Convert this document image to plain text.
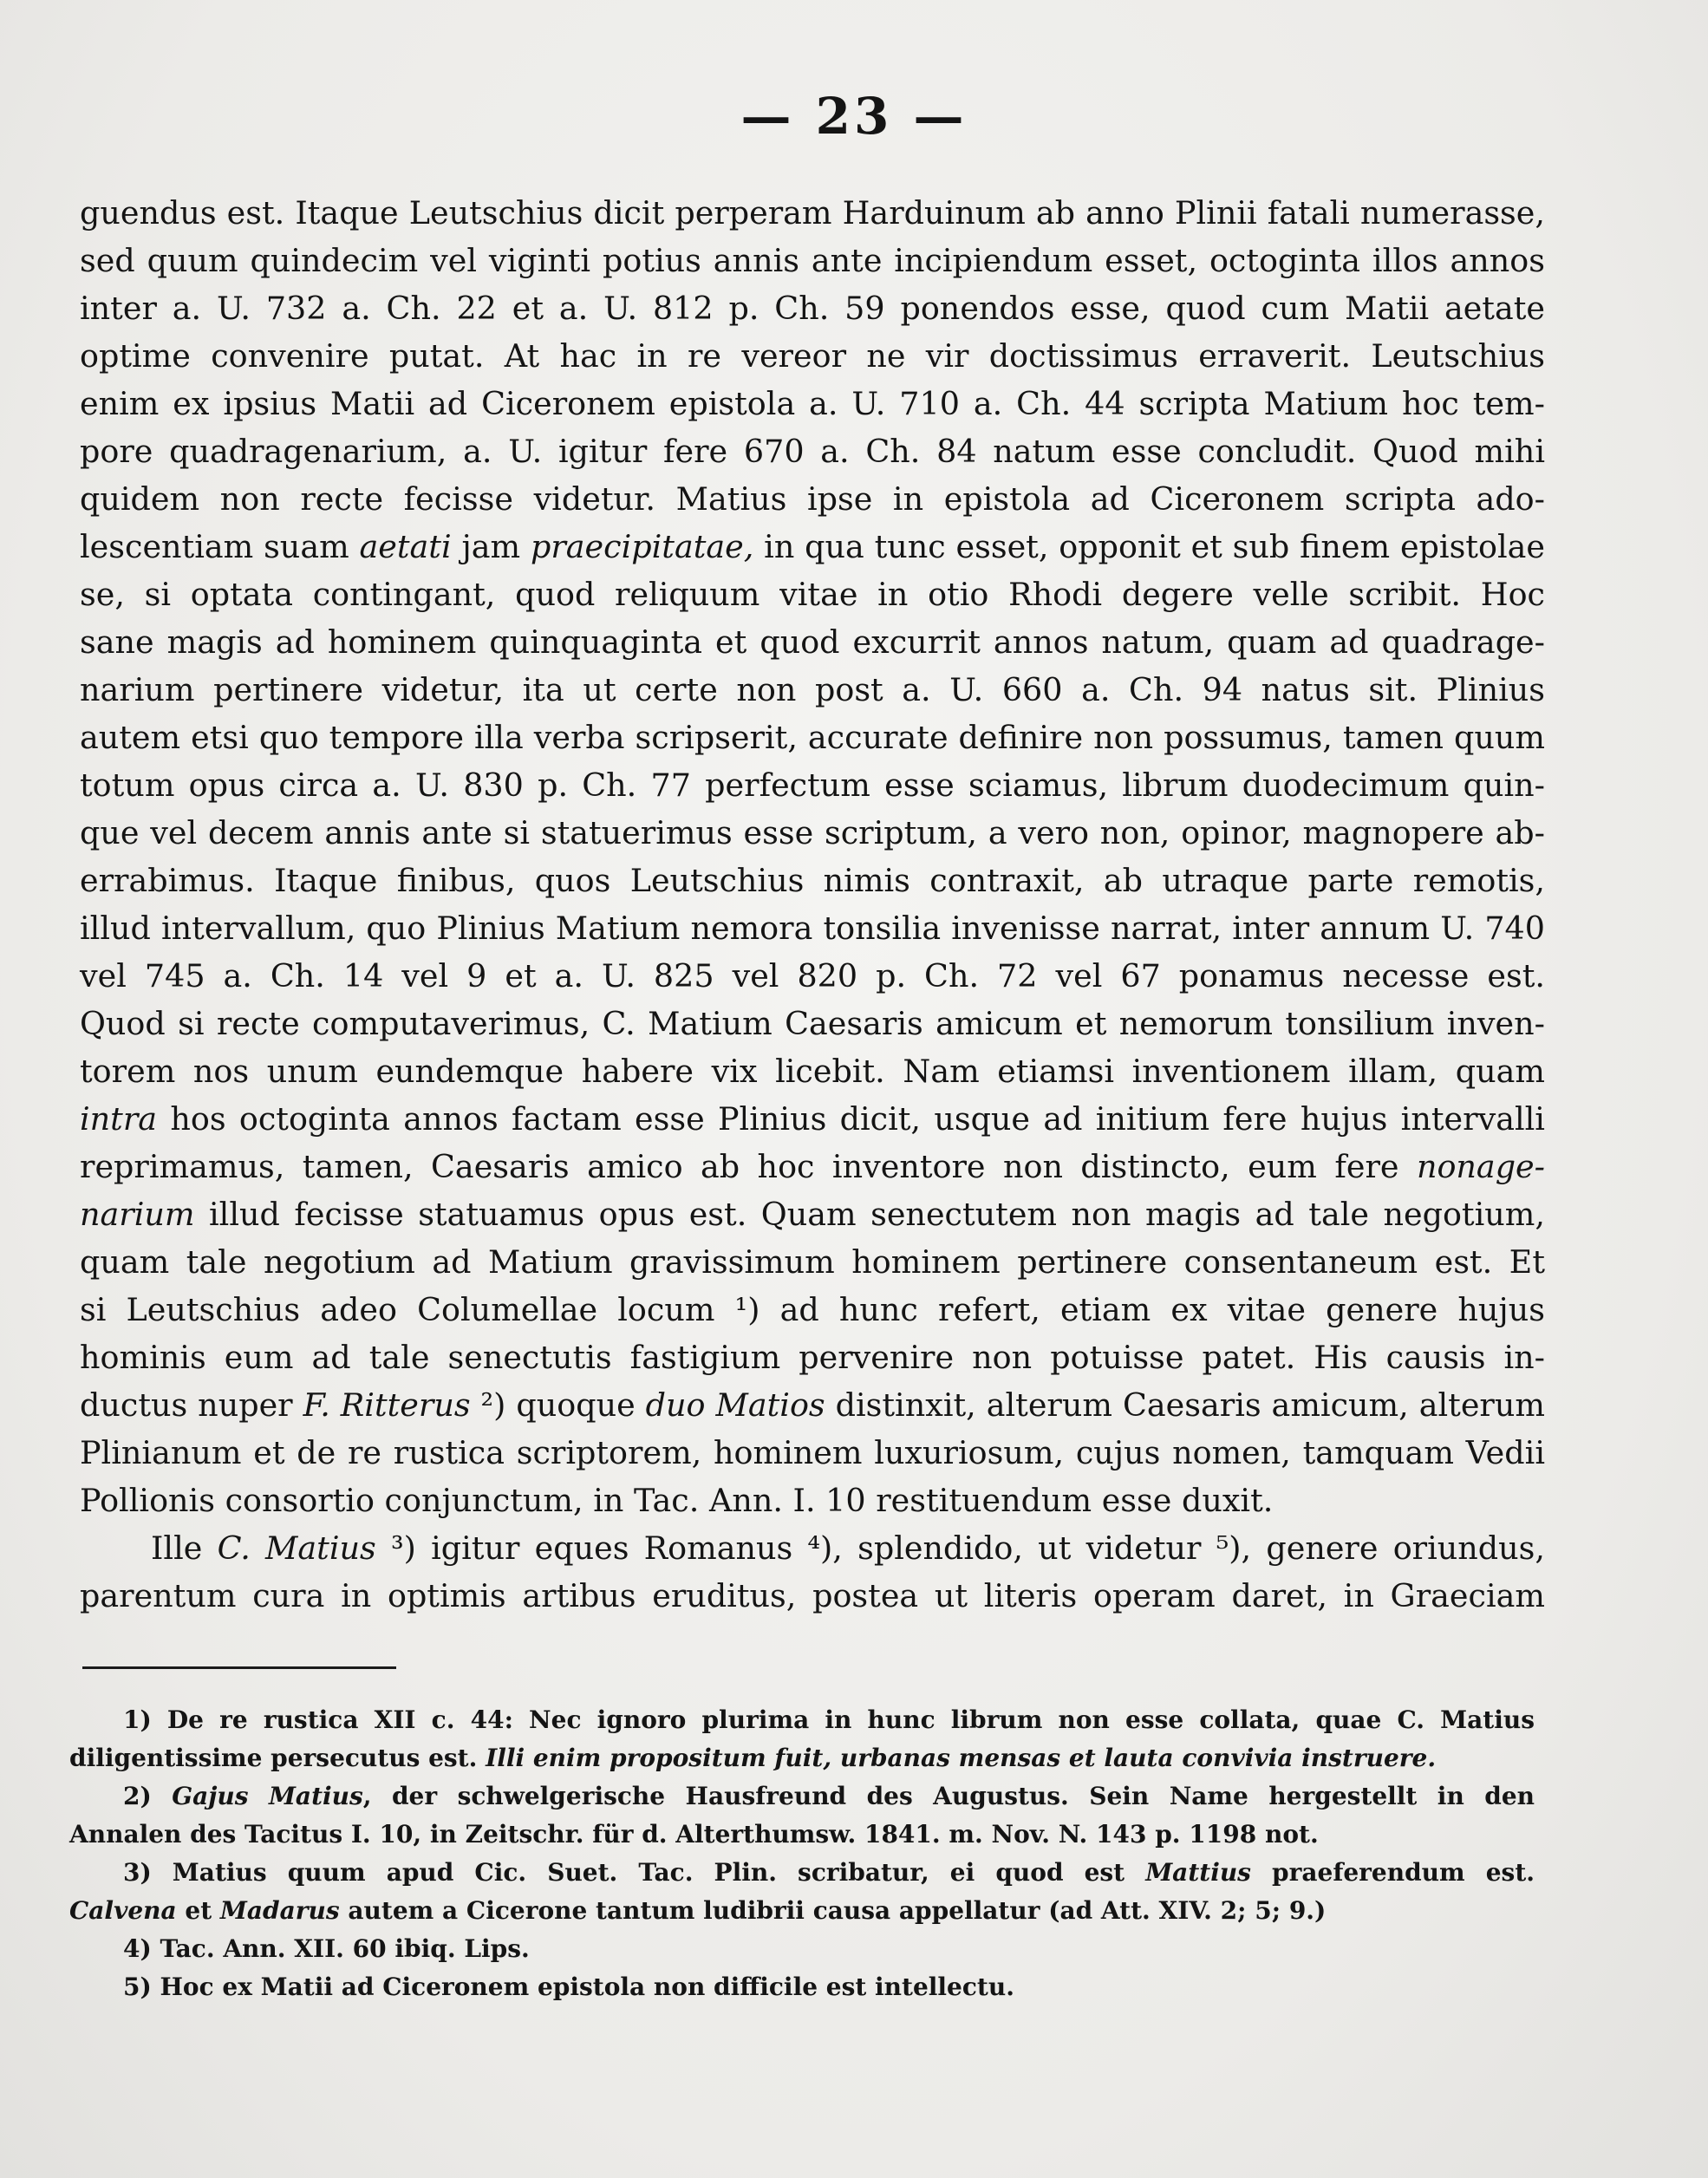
— 23 —
guendus est. Itaque Leutschius dicit perperam Harduinum ab anno Plinii fatali numerasse,
sed quum quindecim vel viginti potius annis ante incipiendum esset, octoginta illos annos
inter a. U. 732 a. Ch. 22 et a. U. 812 p. Ch. 59 ponendos esse, quod cum Matii aetate
optime convenire putat. At hac in re vereor ne vir doctissimus erraverit. Leutschius
enim ex ipsius Matii ad Ciceronem epistola a. U. 710 a. Ch. 44 scripta Matium hoc tem-
pore quadragenarium, a. U. igitur fere 670 a. Ch. 84 natum esse concludit. Quod mihi
quidem non recte fecisse videtur. Matius ipse in epistola ad Ciceronem scripta ado-
lescentiam suam aetati jam praecipitatae, in qua tunc esset, opponit et sub finem epistolae
se, si optata contingant, quod reliquum vitae in otio Rhodi degere velle scribit. Hoc
sane magis ad hominem quinquaginta et quod excurrit annos natum, quam ad quadrage-
narium pertinere videtur, ita ut certe non post a. U. 660 a. Ch. 94 natus sit. Plinius
autem etsi quo tempore illa verba scripserit, accurate definire non possumus, tamen quum
totum opus circa a. U. 830 p. Ch. 77 perfectum esse sciamus, librum duodecimum quin-
que vel decem annis ante si statuerimus esse scriptum, a vero non, opinor, magnopere ab-
errabimus. Itaque finibus, quos Leutschius nimis contraxit, ab utraque parte remotis,
illud intervallum, quo Plinius Matium nemora tonsilia invenisse narrat, inter annum U. 740
vel 745 a. Ch. 14 vel 9 et a. U. 825 vel 820 p. Ch. 72 vel 67 ponamus necesse est.
Quod si recte computaverimus, C. Matium Caesaris amicum et nemorum tonsilium inven-
torem nos unum eundemque habere vix licebit. Nam etiamsi inventionem illam, quam
intra hos octoginta annos factam esse Plinius dicit, usque ad initium fere hujus intervalli
reprimamus, tamen, Caesaris amico ab hoc inventore non distincto, eum fere nonage-
narium illud fecisse statuamus opus est. Quam senectutem non magis ad tale negotium,
quam tale negotium ad Matium gravissimum hominem pertinere consentaneum est. Et
si Leutschius adeo Columellae locum ¹) ad hunc refert, etiam ex vitae genere hujus
hominis eum ad tale senectutis fastigium pervenire non potuisse patet. His causis in-
ductus nuper F. Ritterus ²) quoque duo Matios distinxit, alterum Caesaris amicum, alterum
Plinianum et de re rustica scriptorem, hominem luxuriosum, cujus nomen, tamquam Vedii
Pollionis consortio conjunctum, in Tac. Ann. I. 10 restituendum esse duxit.
Ille C. Matius ³) igitur eques Romanus ⁴), splendido, ut videtur ⁵), genere oriundus,
parentum cura in optimis artibus eruditus, postea ut literis operam daret, in Graeciam
1) De re rustica XII c. 44: Nec ignoro plurima in hunc librum non esse collata, quae C. Matius
diligentissime persecutus est. Illi enim propositum fuit, urbanas mensas et lauta convivia instruere.
2) Gajus Matius, der schwelgerische Hausfreund des Augustus. Sein Name hergestellt in den
Annalen des Tacitus I. 10, in Zeitschr. für d. Alterthumsw. 1841. m. Nov. N. 143 p. 1198 not.
3) Matius quum apud Cic. Suet. Tac. Plin. scribatur, ei quod est Mattius praeferendum est.
Calvena et Madarus autem a Cicerone tantum ludibrii causa appellatur (ad Att. XIV. 2; 5; 9.)
4) Tac. Ann. XII. 60 ibiq. Lips.
5) Hoc ex Matii ad Ciceronem epistola non difficile est intellectu.
